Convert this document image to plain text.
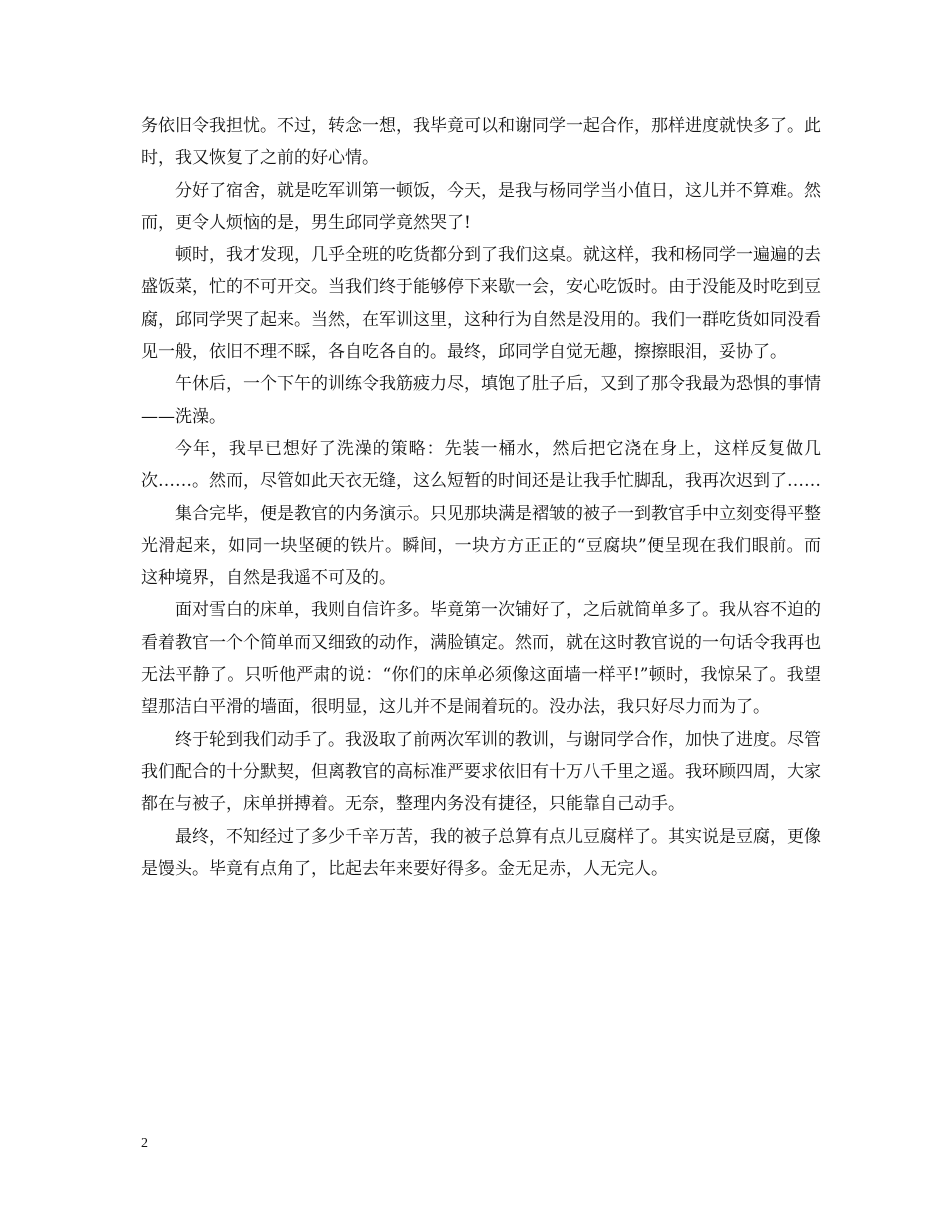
务依旧令我担忧。不过，转念一想，我毕竟可以和谢同学一起合作，那样进度就快多了。此时，我又恢复了之前的好心情。

分好了宿舍，就是吃军训第一顿饭，今天，是我与杨同学当小值日，这儿并不算难。然而，更令人烦恼的是，男生邱同学竟然哭了!

顿时，我才发现，几乎全班的吃货都分到了我们这桌。就这样，我和杨同学一遍遍的去盛饭菜，忙的不可开交。当我们终于能够停下来歇一会，安心吃饭时。由于没能及时吃到豆腐，邱同学哭了起来。当然，在军训这里，这种行为自然是没用的。我们一群吃货如同没看见一般，依旧不理不睬，各自吃各自的。最终，邱同学自觉无趣，擦擦眼泪，妥协了。

午休后，一个下午的训练令我筋疲力尽，填饱了肚子后，又到了那令我最为恐惧的事情——洗澡。

今年，我早已想好了洗澡的策略：先装一桶水，然后把它浇在身上，这样反复做几次……。然而，尽管如此天衣无缝，这么短暂的时间还是让我手忙脚乱，我再次迟到了……

集合完毕，便是教官的内务演示。只见那块满是褶皱的被子一到教官手中立刻变得平整光滑起来，如同一块坚硬的铁片。瞬间，一块方方正正的“豆腐块”便呈现在我们眼前。而这种境界，自然是我遥不可及的。

面对雪白的床单，我则自信许多。毕竟第一次铺好了，之后就简单多了。我从容不迫的看着教官一个个简单而又细致的动作，满脸镇定。然而，就在这时教官说的一句话令我再也无法平静了。只听他严肃的说：“你们的床单必须像这面墙一样平!”顿时，我惊呆了。我望望那洁白平滑的墙面，很明显，这儿并不是闹着玩的。没办法，我只好尽力而为了。

终于轮到我们动手了。我汲取了前两次军训的教训，与谢同学合作，加快了进度。尽管我们配合的十分默契，但离教官的高标准严要求依旧有十万八千里之遥。我环顾四周，大家都在与被子，床单拼搏着。无奈，整理内务没有捷径，只能靠自己动手。

最终，不知经过了多少千辛万苦，我的被子总算有点儿豆腐样了。其实说是豆腐，更像是馒头。毕竟有点角了，比起去年来要好得多。金无足赤，人无完人。

2
